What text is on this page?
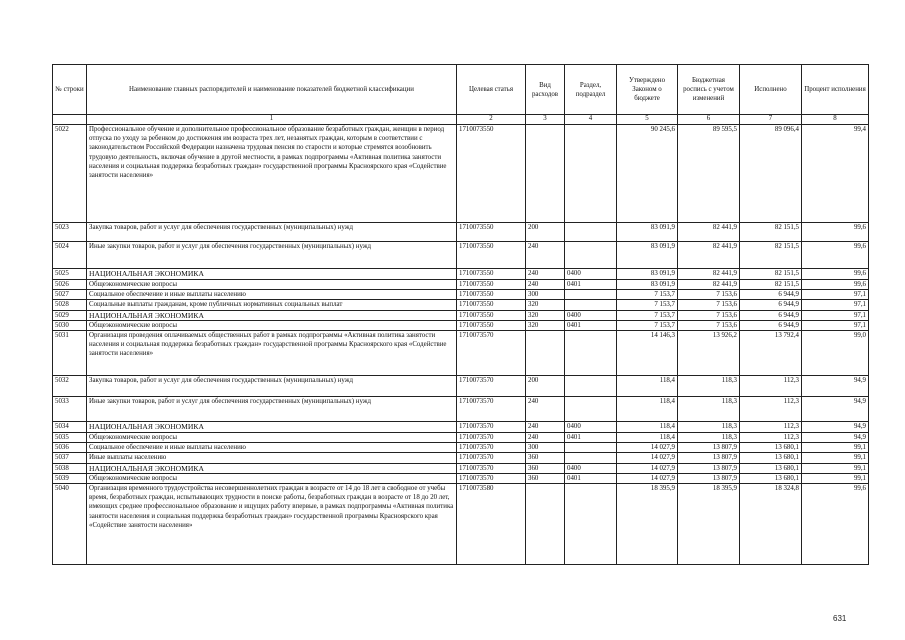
№ строки	Наименование главных распорядителей и наименование показателей бюджетной классификации	Целевая статья	Вид расходов	Раздел, подраздел	Утверждено Законом о бюджете	Бюджетная роспись с учетом изменений	Исполнено	Процент исполнения
	1	2	3	4	5	6	7	8
5022	Профессиональное обучение и дополнительное профессиональное образование безработных граждан, женщин в период отпуска по уходу за ребенком до достижения им возраста трех лет, незанятых граждан, которым в соответствии с законодательством Российской Федерации назначена трудовая пенсия по старости и которые стремятся возобновить трудовую деятельность, включая обучение в другой местности, в рамках подпрограммы «Активная политика занятости населения и социальная поддержка безработных граждан» государственной программы Красноярского края «Содействие занятости населения»	1710073550			90 245,6	89 595,5	89 096,4	99,4
5023	Закупка товаров, работ и услуг для обеспечения государственных (муниципальных) нужд	1710073550	200		83 091,9	82 441,9	82 151,5	99,6
5024	Иные закупки товаров, работ и услуг для обеспечения государственных (муниципальных) нужд	1710073550	240		83 091,9	82 441,9	82 151,5	99,6
5025	НАЦИОНАЛЬНАЯ ЭКОНОМИКА	1710073550	240	0400	83 091,9	82 441,9	82 151,5	99,6
5026	Общеэкономические вопросы	1710073550	240	0401	83 091,9	82 441,9	82 151,5	99,6
5027	Социальное обеспечение и иные выплаты населению	1710073550	300		7 153,7	7 153,6	6 944,9	97,1
5028	Социальные выплаты гражданам, кроме публичных нормативных социальных выплат	1710073550	320		7 153,7	7 153,6	6 944,9	97,1
5029	НАЦИОНАЛЬНАЯ ЭКОНОМИКА	1710073550	320	0400	7 153,7	7 153,6	6 944,9	97,1
5030	Общеэкономические вопросы	1710073550	320	0401	7 153,7	7 153,6	6 944,9	97,1
5031	Организация проведения оплачиваемых общественных работ в рамках подпрограммы «Активная политика занятости населения и социальная поддержка безработных граждан» государственной программы Красноярского края «Содействие занятости населения»	1710073570			14 146,3	13 926,2	13 792,4	99,0
5032	Закупка товаров, работ и услуг для обеспечения государственных (муниципальных) нужд	1710073570	200		118,4	118,3	112,3	94,9
5033	Иные закупки товаров, работ и услуг для обеспечения государственных (муниципальных) нужд	1710073570	240		118,4	118,3	112,3	94,9
5034	НАЦИОНАЛЬНАЯ ЭКОНОМИКА	1710073570	240	0400	118,4	118,3	112,3	94,9
5035	Общеэкономические вопросы	1710073570	240	0401	118,4	118,3	112,3	94,9
5036	Социальное обеспечение и иные выплаты населению	1710073570	300		14 027,9	13 807,9	13 680,1	99,1
5037	Иные выплаты населению	1710073570	360		14 027,9	13 807,9	13 680,1	99,1
5038	НАЦИОНАЛЬНАЯ ЭКОНОМИКА	1710073570	360	0400	14 027,9	13 807,9	13 680,1	99,1
5039	Общеэкономические вопросы	1710073570	360	0401	14 027,9	13 807,9	13 680,1	99,1
5040	Организация временного трудоустройства несовершеннолетних граждан в возрасте от 14 до 18 лет в свободное от учебы время, безработных граждан, испытывающих трудности в поиске работы, безработных граждан в возрасте от 18 до 20 лет, имеющих среднее профессиональное образование и ищущих работу впервые, в рамках подпрограммы «Активная политика занятости населения и социальная поддержка безработных граждан» государственной программы Красноярского края «Содействие занятости населения»	1710073580			18 395,9	18 395,9	18 324,8	99,6
631
